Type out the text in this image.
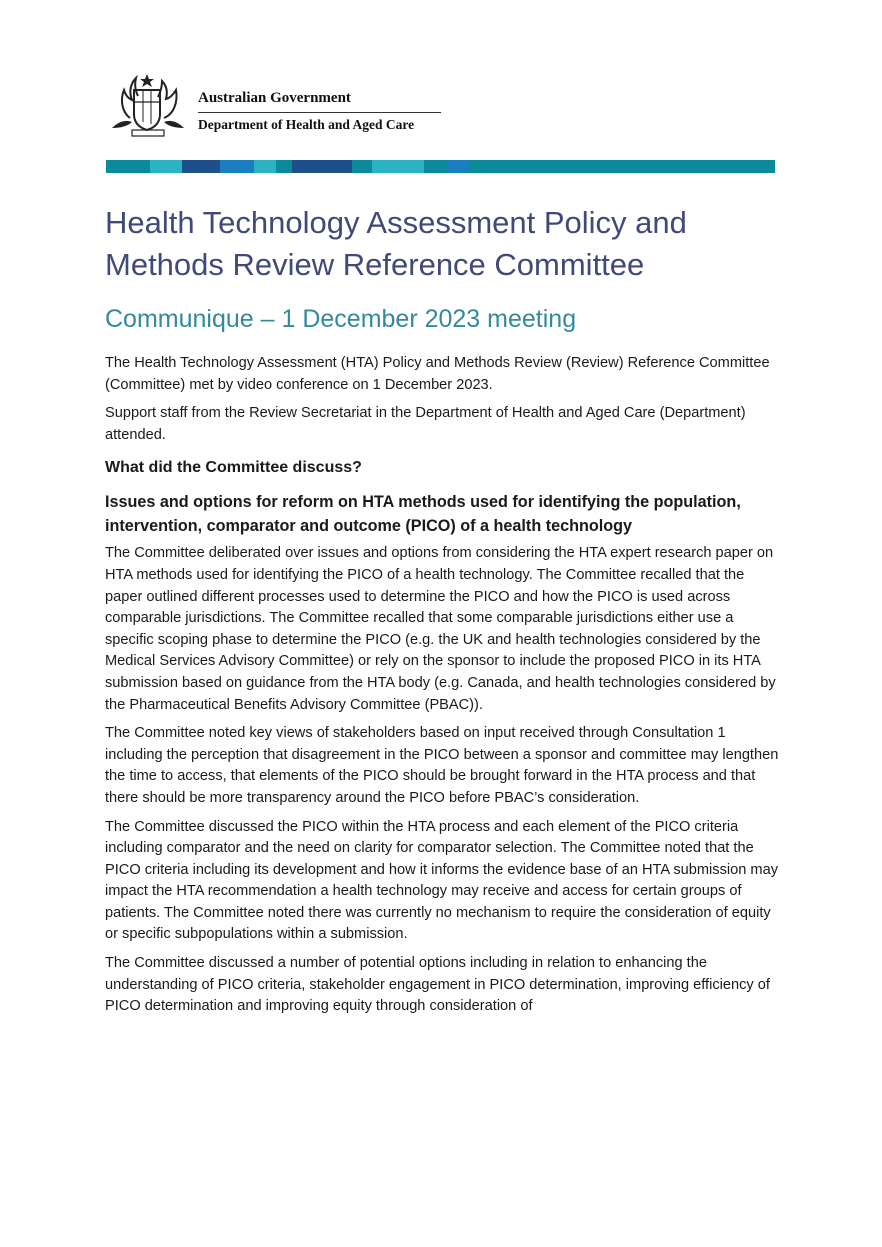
Australian Government
Department of Health and Aged Care
Health Technology Assessment Policy and
Methods Review Reference Committee
Communique – 1 December 2023 meeting

The Health Technology Assessment (HTA) Policy and Methods Review (Review) Reference Committee (Committee) met by video conference on 1 December 2023.

Support staff from the Review Secretariat in the Department of Health and Aged Care (Department) attended.

What did the Committee discuss?
Issues and options for reform on HTA methods used for identifying the population, intervention, comparator and outcome (PICO) of a health technology

The Committee deliberated over issues and options from considering the HTA expert research paper on HTA methods used for identifying the PICO of a health technology. The Committee recalled that the paper outlined different processes used to determine the PICO and how the PICO is used across comparable jurisdictions. The Committee recalled that some comparable jurisdictions either use a specific scoping phase to determine the PICO (e.g. the UK and health technologies considered by the Medical Services Advisory Committee) or rely on the sponsor to include the proposed PICO in its HTA submission based on guidance from the HTA body (e.g. Canada, and health technologies considered by the Pharmaceutical Benefits Advisory Committee (PBAC)).

The Committee noted key views of stakeholders based on input received through Consultation 1 including the perception that disagreement in the PICO between a sponsor and committee may lengthen the time to access, that elements of the PICO should be brought forward in the HTA process and that there should be more transparency around the PICO before PBAC’s consideration.

The Committee discussed the PICO within the HTA process and each element of the PICO criteria including comparator and the need on clarity for comparator selection. The Committee noted that the PICO criteria including its development and how it informs the evidence base of an HTA submission may impact the HTA recommendation a health technology may receive and access for certain groups of patients. The Committee noted there was currently no mechanism to require the consideration of equity or specific subpopulations within a submission.

The Committee discussed a number of potential options including in relation to enhancing the understanding of PICO criteria, stakeholder engagement in PICO determination, improving efficiency of PICO determination and improving equity through consideration of
